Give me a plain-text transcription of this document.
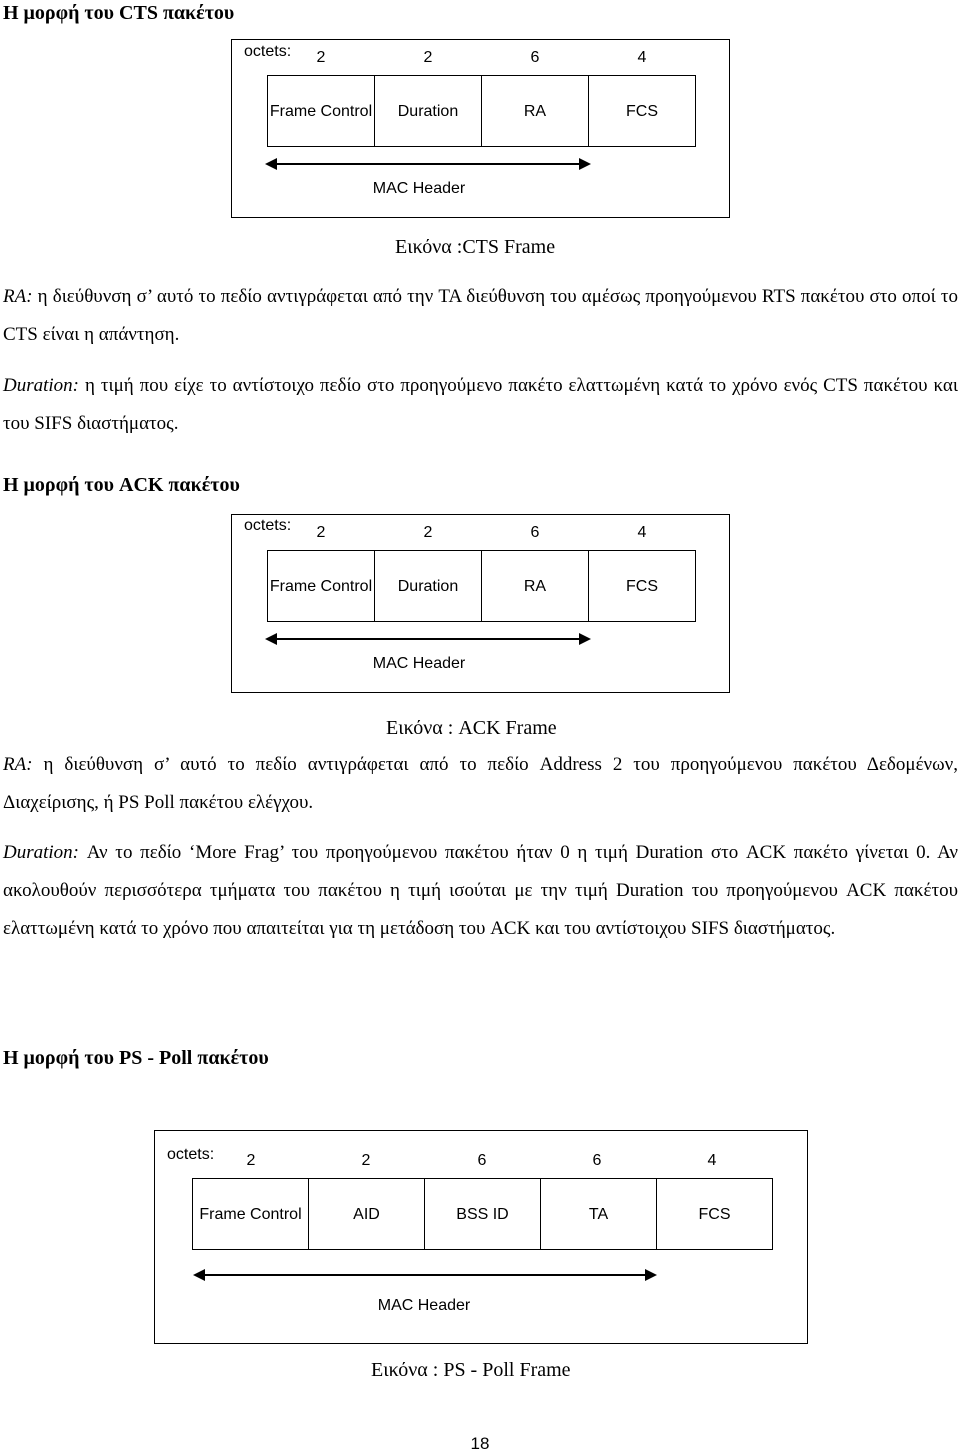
Η μορφή του CTS πακέτου
octets:	2	2	6	4
Frame Control	Duration	RA	FCS
MAC Header
Εικόνα :CTS Frame
RA: η διεύθυνση σ’ αυτό το πεδίο αντιγράφεται από την TA διεύθυνση του αμέσως προηγούμενου RTS πακέτου στο οποί το CTS είναι η απάντηση.
Duration: η τιμή που είχε το αντίστοιχο πεδίο στο προηγούμενο πακέτο ελαττωμένη κατά το χρόνο ενός CTS πακέτου και του SIFS διαστήματος.
Η μορφή του ACK πακέτου
octets:	2	2	6	4
Frame Control	Duration	RA	FCS
MAC Header
Εικόνα : ACK Frame
RA: η διεύθυνση σ’ αυτό το πεδίο αντιγράφεται από το πεδίο Address 2 του προηγούμενου πακέτου Δεδομένων, Διαχείρισης, ή PS Poll πακέτου ελέγχου.
Duration: Αν το πεδίο ‘More Frag’ του προηγούμενου πακέτου ήταν 0 η τιμή Duration στο ACK πακέτο γίνεται 0. Αν ακολουθούν περισσότερα τμήματα του πακέτου η τιμή ισούται με την τιμή Duration του προηγούμενου ACK πακέτου ελαττωμένη κατά το χρόνο που απαιτείται για τη μετάδοση του ACK και του αντίστοιχου SIFS διαστήματος.
Η μορφή του PS - Poll πακέτου
octets:	2	2	6	6	4
Frame Control	AID	BSS ID	TA	FCS
MAC Header
Εικόνα : PS - Poll Frame
18
